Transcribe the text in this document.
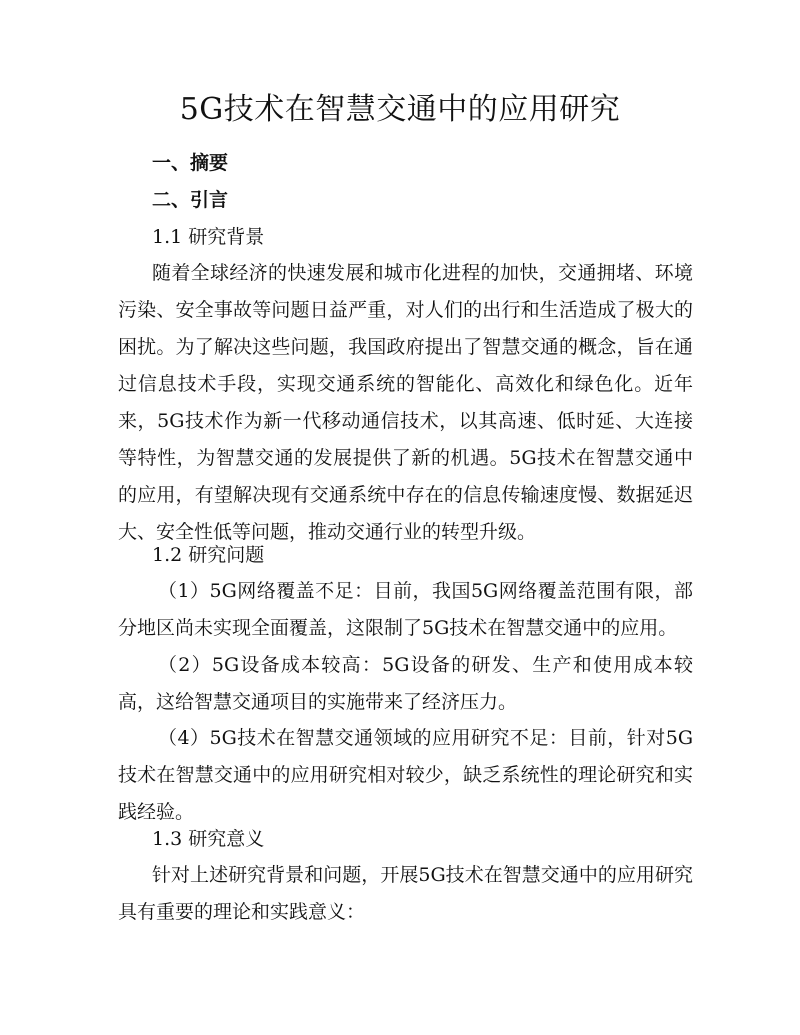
5G技术在智慧交通中的应用研究
一、摘要
二、引言
1.1 研究背景

随着全球经济的快速发展和城市化进程的加快，交通拥堵、环境污染、安全事故等问题日益严重，对人们的出行和生活造成了极大的困扰。为了解决这些问题，我国政府提出了智慧交通的概念，旨在通过信息技术手段，实现交通系统的智能化、高效化和绿色化。近年来，5G技术作为新一代移动通信技术，以其高速、低时延、大连接等特性，为智慧交通的发展提供了新的机遇。5G技术在智慧交通中的应用，有望解决现有交通系统中存在的信息传输速度慢、数据延迟大、安全性低等问题，推动交通行业的转型升级。

1.2 研究问题

（1）5G网络覆盖不足：目前，我国5G网络覆盖范围有限，部分地区尚未实现全面覆盖，这限制了5G技术在智慧交通中的应用。

（2）5G设备成本较高：5G设备的研发、生产和使用成本较高，这给智慧交通项目的实施带来了经济压力。

（4）5G技术在智慧交通领域的应用研究不足：目前，针对5G技术在智慧交通中的应用研究相对较少，缺乏系统性的理论研究和实践经验。

1.3 研究意义

针对上述研究背景和问题，开展5G技术在智慧交通中的应用研究具有重要的理论和实践意义：
